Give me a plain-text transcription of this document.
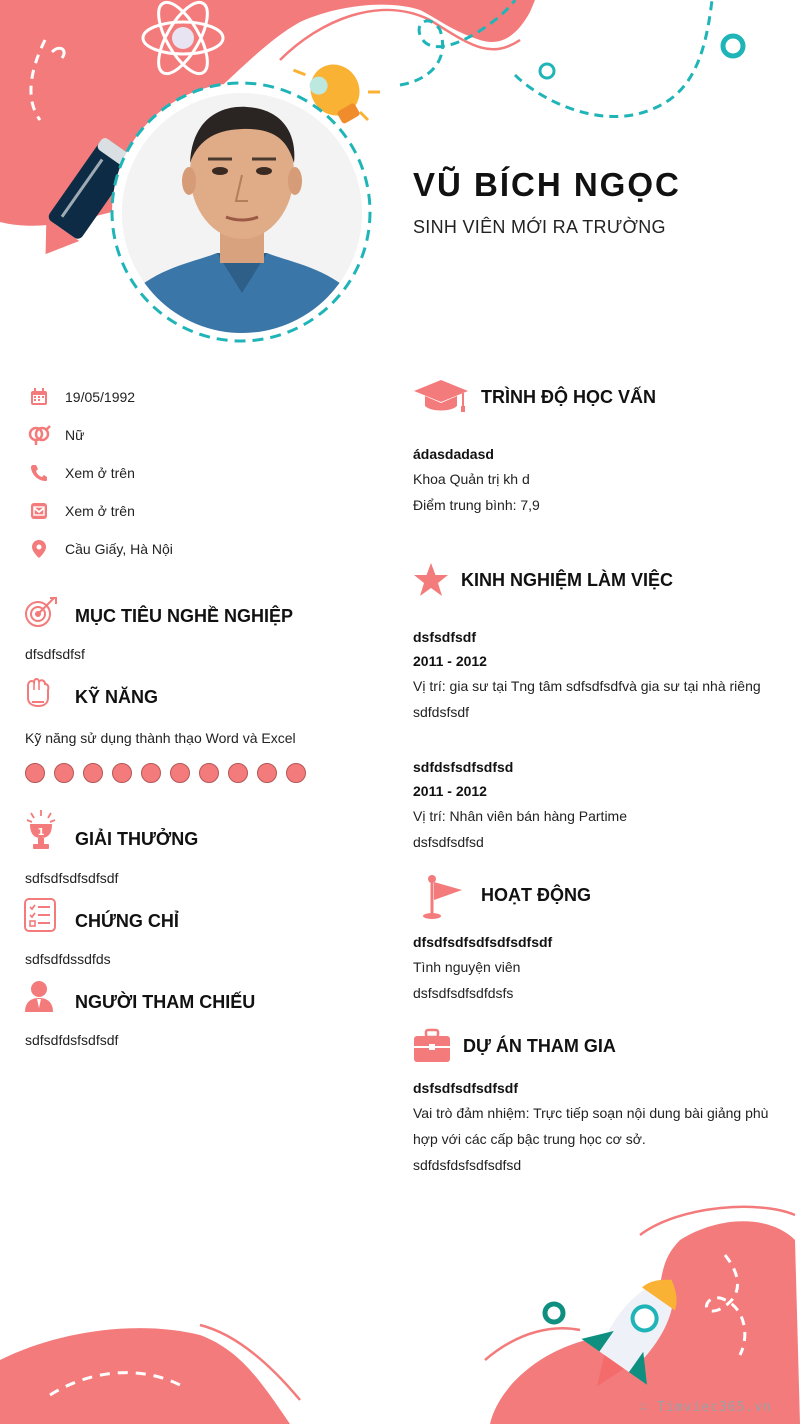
VŨ BÍCH NGỌC
SINH VIÊN MỚI RA TRƯỜNG
19/05/1992
Nữ
Xem ở trên
Xem ở trên
Cầu Giấy, Hà Nội
MỤC TIÊU NGHỀ NGHIỆP
dfsdfsdfsf
KỸ NĂNG
Kỹ năng sử dụng thành thạo Word và Excel
1 GIẢI THƯỞNG
sdfsdfsdfsdfsdf
CHỨNG CHỈ
sdfsdfdssdfds
NGƯỜI THAM CHIẾU
sdfsdfdsfsdfsdf
TRÌNH ĐỘ HỌC VẤN
ádasdadasd
Khoa Quản trị kh d
Điểm trung bình: 7,9
KINH NGHIỆM LÀM VIỆC
dsfsdfsdf
2011 - 2012
Vị trí: gia sư tại Tng tâm sdfsdfsdfvà gia sư tại nhà riêng
sdfdsfsdf
sdfdsfsdfsdfsd
2011 - 2012
Vị trí: Nhân viên bán hàng Partime
dsfsdfsdfsd
HOẠT ĐỘNG
dfsdfsdfsdfsdfsdfsdf
Tình nguyện viên
dsfsdfsdfsdfdsfs
DỰ ÁN THAM GIA
dsfsdfsdfsdfsdf
Vai trò đảm nhiệm: Trực tiếp soạn nội dung bài giảng phù hợp với các cấp bậc trung học cơ sở.
sdfdsfdsfsdfsdfsd
∴ Timviec365.vn
